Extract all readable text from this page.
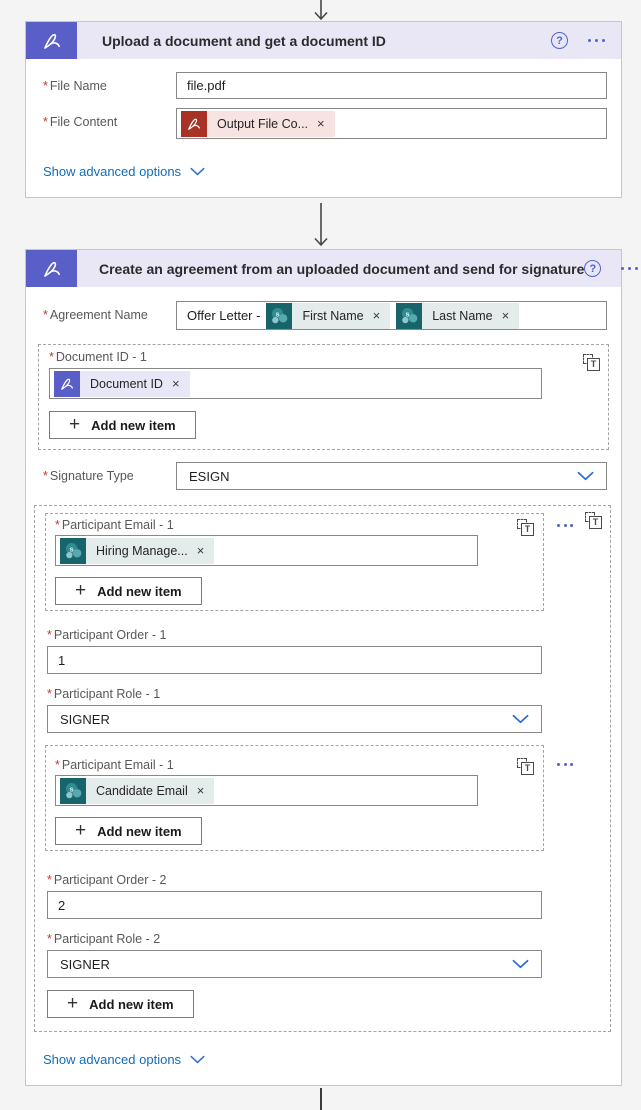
Upload a document and get a document ID	?
* File Name
file.pdf
* File Content	Output File Co... ×
Show advanced options
Create an agreement from an uploaded document and send for signature ?
* Agreement Name	Offer Letter -	First Name ×	Last Name ×
T
* Document ID - 1
Document ID ×
+ Add new item
* Signature Type	ESIGN
T
T
* Participant Email - 1
Hiring Manage... ×
+ Add new item
* Participant Order - 1
1
* Participant Role - 1
SIGNER
T
* Participant Email - 1
Candidate Email ×
+ Add new item
* Participant Order - 2
2
* Participant Role - 2
SIGNER
+ Add new item
Show advanced options
